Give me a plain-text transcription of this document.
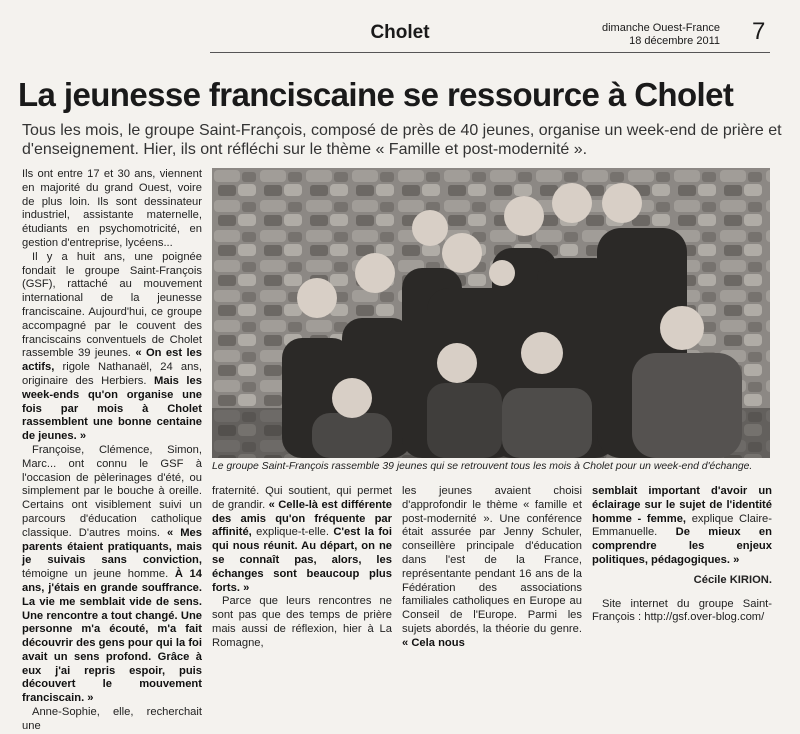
Cholet	dimanche Ouest-France
18 décembre 2011 7
La jeunesse franciscaine se ressource à Cholet
Tous les mois, le groupe Saint-François, composé de près de 40 jeunes, organise un week-end de prière et d'enseignement. Hier, ils ont réfléchi sur le thème « Famille et post-modernité ».

Ils ont entre 17 et 30 ans, viennent en majorité du grand Ouest, voire de plus loin. Ils sont dessinateur industriel, assistante maternelle, étudiants en psychomotricité, en gestion d'entreprise, lycéens...

Il y a huit ans, une poignée fondait le groupe Saint-François (GSF), rattaché au mouvement international de la jeunesse franciscaine. Aujourd'hui, ce groupe accompagné par le couvent des franciscains conventuels de Cholet rassemble 39 jeunes. « On est les actifs, rigole Nathanaël, 24 ans, originaire des Herbiers. Mais les week-ends qu'on organise une fois par mois à Cholet rassemblent une bonne centaine de jeunes. »

Françoise, Clémence, Simon, Marc... ont connu le GSF à l'occasion de pèlerinages d'été, ou simplement par le bouche à oreille. Certains ont visiblement suivi un parcours d'éducation catholique classique. D'autres moins. « Mes parents étaient pratiquants, mais je suivais sans conviction, témoigne un jeune homme. À 14 ans, j'étais en grande souffrance. La vie me semblait vide de sens. Une rencontre a tout changé. Une personne m'a écouté, m'a fait découvrir des gens pour qui la foi avait un sens profond. Grâce à eux j'ai repris espoir, puis découvert le mouvement franciscain. »

Anne-Sophie, elle, recherchait une

Le groupe Saint-François rassemble 39 jeunes qui se retrouvent tous les mois à Cholet pour un week-end d'échange.

fraternité. Qui soutient, qui permet de grandir. « Celle-là est différente des amis qu'on fréquente par affinité, explique-t-elle. C'est la foi qui nous réunit. Au départ, on ne se connaît pas, alors, les échanges sont beaucoup plus forts. »

Parce que leurs rencontres ne sont pas que des temps de prière mais aussi de réflexion, hier à La Romagne,

les jeunes avaient choisi d'approfondir le thème « famille et post-modernité ». Une conférence était assurée par Jenny Schuler, conseillère principale d'éducation dans l'est de la France, représentante pendant 16 ans de la Fédération des associations familiales catholiques en Europe au Conseil de l'Europe. Parmi les sujets abordés, la théorie du genre. « Cela nous

semblait important d'avoir un éclairage sur le sujet de l'identité homme - femme, explique Claire-Emmanuelle. De mieux en comprendre les enjeux politiques, pédagogiques. »

Cécile KIRION.

Site internet du groupe Saint-François : http://gsf.over-blog.com/
